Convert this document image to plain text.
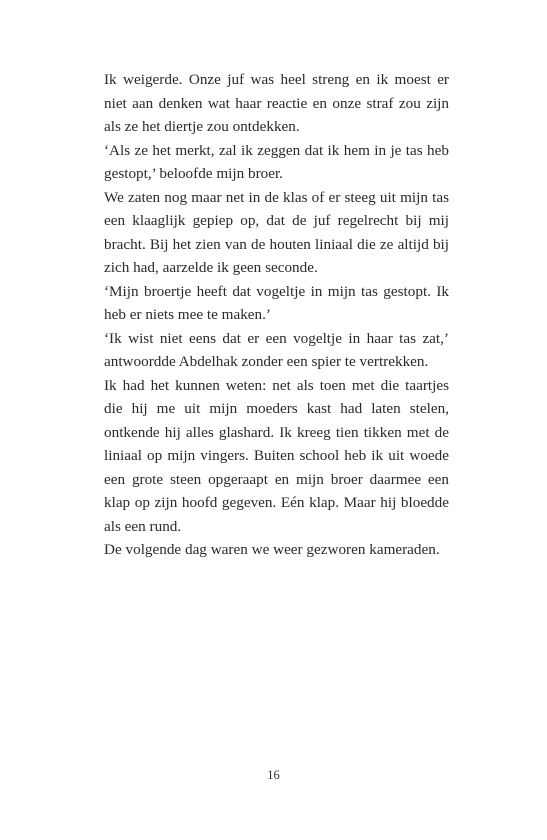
Ik weigerde. Onze juf was heel streng en ik moest er niet aan denken wat haar reactie en onze straf zou zijn als ze het diertje zou ontdekken.

‘Als ze het merkt, zal ik zeggen dat ik hem in je tas heb gestopt,’ beloofde mijn broer.

We zaten nog maar net in de klas of er steeg uit mijn tas een klaaglijk gepiep op, dat de juf regelrecht bij mij bracht. Bij het zien van de houten liniaal die ze altijd bij zich had, aarzelde ik geen seconde.

‘Mijn broertje heeft dat vogeltje in mijn tas gestopt. Ik heb er niets mee te maken.’

‘Ik wist niet eens dat er een vogeltje in haar tas zat,’ antwoordde Abdelhak zonder een spier te vertrekken.

Ik had het kunnen weten: net als toen met die taartjes die hij me uit mijn moeders kast had laten stelen, ontkende hij alles glashard. Ik kreeg tien tikken met de liniaal op mijn vingers. Buiten school heb ik uit woede een grote steen opgeraapt en mijn broer daarmee een klap op zijn hoofd gegeven. Eén klap. Maar hij bloedde als een rund.

De volgende dag waren we weer gezworen kameraden.

16
